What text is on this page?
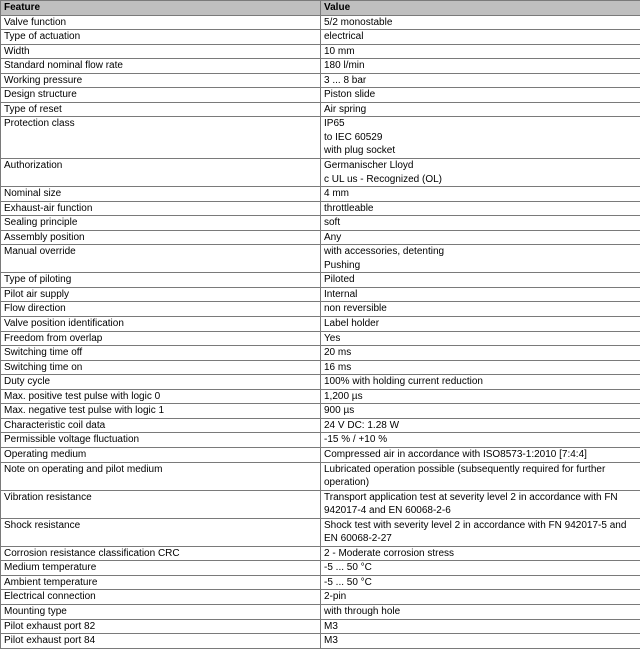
Feature	Value
Valve function	5/2 monostable

Type of actuation	electrical

Width	10 mm

Standard nominal flow rate	180 l/min

Working pressure	3 ... 8 bar

Design structure	Piston slide

Type of reset	Air spring

Protection class	IP65
to IEC 60529
with plug socket

Authorization	Germanischer Lloyd
c UL us - Recognized (OL)

Nominal size	4 mm

Exhaust-air function	throttleable

Sealing principle	soft

Assembly position	Any

Manual override	with accessories, detenting
Pushing

Type of piloting	Piloted

Pilot air supply	Internal

Flow direction	non reversible

Valve position identification	Label holder

Freedom from overlap	Yes

Switching time off	20 ms

Switching time on	16 ms

Duty cycle	100% with holding current reduction

Max. positive test pulse with logic 0	1,200 µs

Max. negative test pulse with logic 1	900 µs

Characteristic coil data	24 V DC: 1.28 W

Permissible voltage fluctuation	-15 % / +10 %

Operating medium	Compressed air in accordance with ISO8573-1:2010 [7:4:4]

Note on operating and pilot medium	Lubricated operation possible (subsequently required for further operation)

Vibration resistance	Transport application test at severity level 2 in accordance with FN 942017-4 and EN 60068-2-6

Shock resistance	Shock test with severity level 2 in accordance with FN 942017-5 and EN 60068-2-27

Corrosion resistance classification CRC	2 - Moderate corrosion stress

Medium temperature	-5 ... 50 °C

Ambient temperature	-5 ... 50 °C

Electrical connection	2-pin

Mounting type	with through hole

Pilot exhaust port 82	M3

Pilot exhaust port 84	M3
